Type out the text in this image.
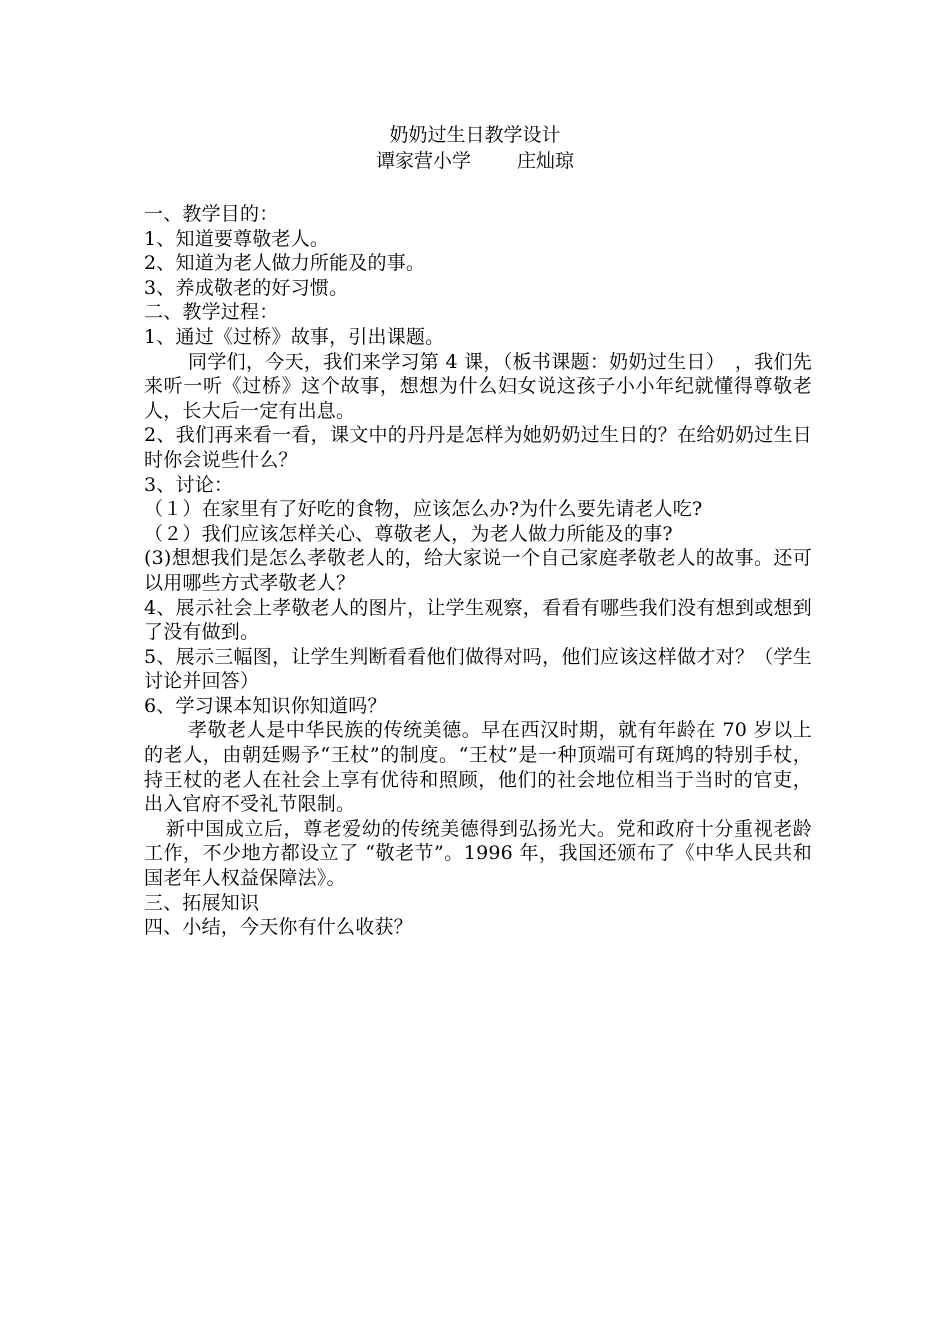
奶奶过生日教学设计
谭家营小学 庄灿琼

一、教学目的：

1、知道要尊敬老人。

2、知道为老人做力所能及的事。

3、养成敬老的好习惯。

二、教学过程：

1、通过《过桥》故事，引出课题。

同学们，今天，我们来学习第 4 课，（板书课题：奶奶过生日）　，我们先来听一听《过桥》这个故事，想想为什么妇女说这孩子小小年纪就懂得尊敬老人，长大后一定有出息。

2、我们再来看一看，课文中的丹丹是怎样为她奶奶过生日的？在给奶奶过生日时你会说些什么？

3、讨论：

（１）在家里有了好吃的食物，应该怎么办?为什么要先请老人吃?

（２）我们应该怎样关心、尊敬老人，为老人做力所能及的事?

(3)想想我们是怎么孝敬老人的，给大家说一个自己家庭孝敬老人的故事。还可以用哪些方式孝敬老人？

4、展示社会上孝敬老人的图片，让学生观察，看看有哪些我们没有想到或想到了没有做到。

5、展示三幅图，让学生判断看看他们做得对吗，他们应该这样做才对？（学生讨论并回答）

6、学习课本知识你知道吗？

孝敬老人是中华民族的传统美德。早在西汉时期，就有年龄在 70 岁以上的老人，由朝廷赐予“王杖”的制度。“王杖”是一种顶端可有斑鸠的特别手杖，持王杖的老人在社会上享有优待和照顾，他们的社会地位相当于当时的官吏，出入官府不受礼节限制。

新中国成立后，尊老爱幼的传统美德得到弘扬光大。党和政府十分重视老龄工作，不少地方都设立了 “敬老节”。1996 年，我国还颁布了《中华人民共和国老年人权益保障法》。

三、拓展知识

四、小结，今天你有什么收获？
